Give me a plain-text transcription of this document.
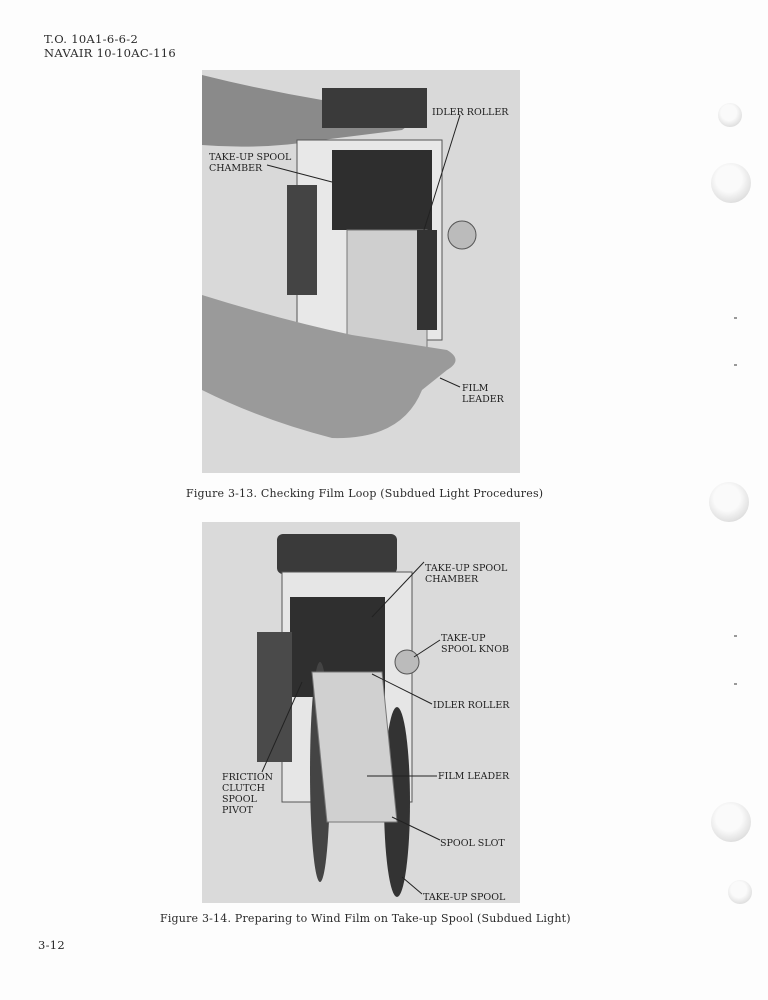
T.O. 10A1-6-6-2
NAVAIR 10-10AC-116
IDLER ROLLER
TAKE-UP SPOOL
CHAMBER
FILM
LEADER
Figure 3-13. Checking Film Loop (Subdued Light Procedures)
TAKE-UP SPOOL
CHAMBER
TAKE-UP
SPOOL KNOB
IDLER ROLLER
FILM LEADER
FRICTION
CLUTCH
SPOOL
PIVOT
SPOOL SLOT
TAKE-UP SPOOL
Figure 3-14. Preparing to Wind Film on Take-up Spool (Subdued Light)
3-12
